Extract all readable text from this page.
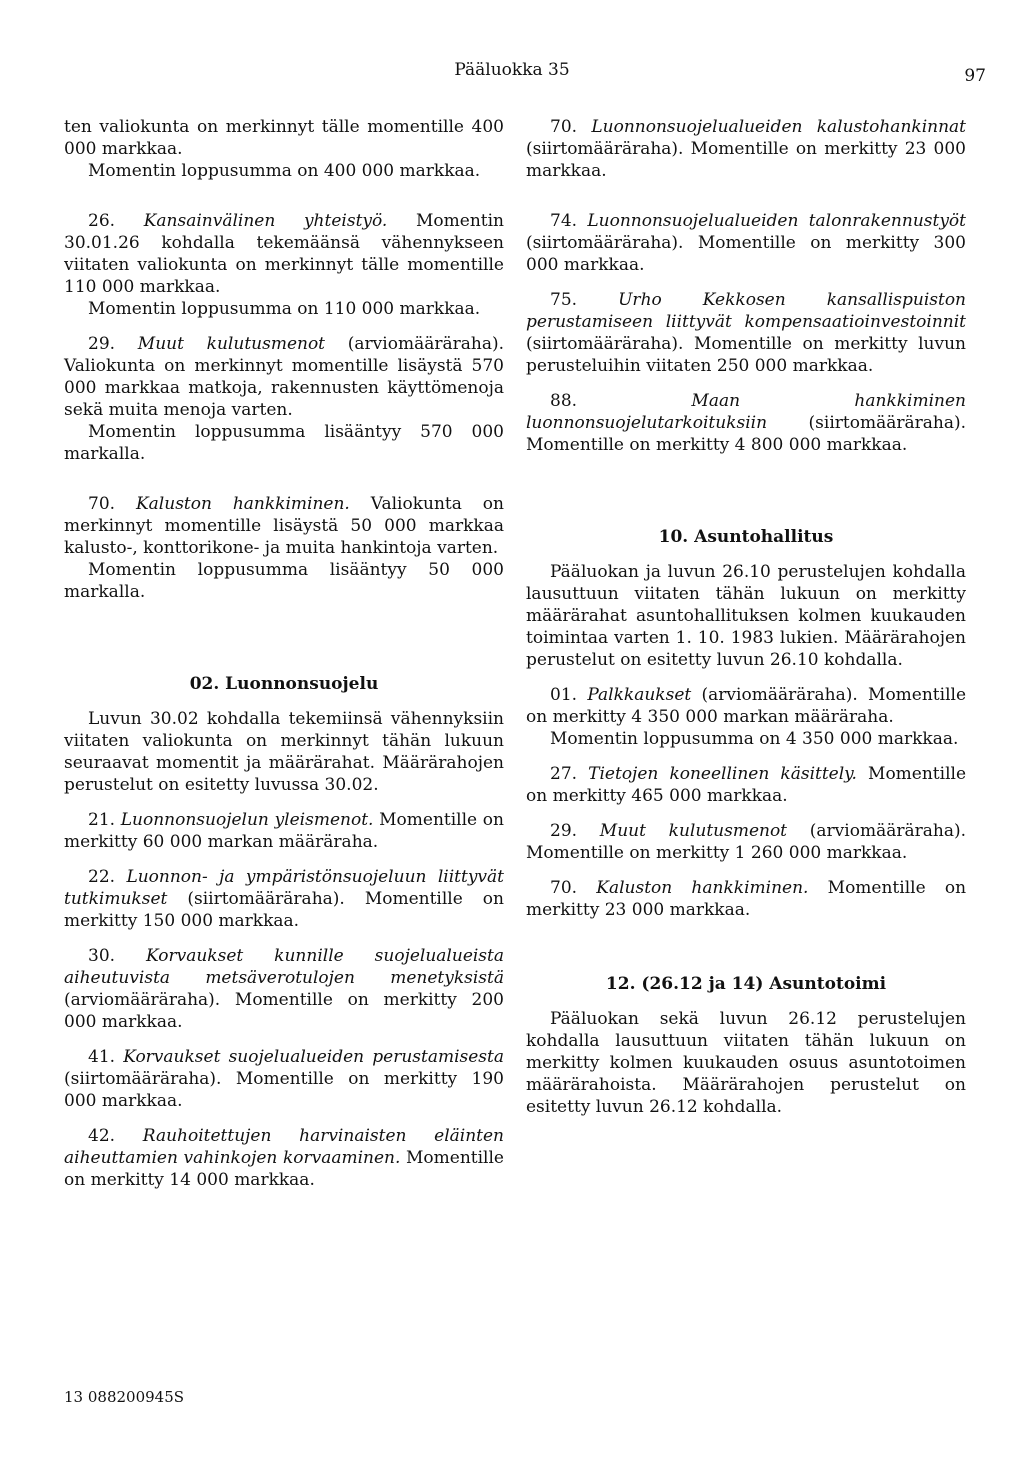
Pääluokka 35	97

ten valiokunta on merkinnyt tälle momentille 400 000 markkaa.

Momentin loppusumma on 400 000 markkaa.

26. Kansainvälinen yhteistyö. Momentin 30.01.26 kohdalla tekemäänsä vähennykseen viitaten valiokunta on merkinnyt tälle momentille 110 000 markkaa.

Momentin loppusumma on 110 000 markkaa.

29. Muut kulutusmenot (arviomääräraha). Valiokunta on merkinnyt momentille lisäystä 570 000 markkaa matkoja, rakennusten käyttömenoja sekä muita menoja varten.

Momentin loppusumma lisääntyy 570 000 markalla.

70. Kaluston hankkiminen. Valiokunta on merkinnyt momentille lisäystä 50 000 markkaa kalusto-, konttorikone- ja muita hankintoja varten.

Momentin loppusumma lisääntyy 50 000 markalla.

02. Luonnonsuojelu

Luvun 30.02 kohdalla tekemiinsä vähennyksiin viitaten valiokunta on merkinnyt tähän lukuun seuraavat momentit ja määrärahat. Määrärahojen perustelut on esitetty luvussa 30.02.

21. Luonnonsuojelun yleismenot. Momentille on merkitty 60 000 markan määräraha.

22. Luonnon- ja ympäristönsuojeluun liittyvät tutkimukset (siirtomääräraha). Momentille on merkitty 150 000 markkaa.

30. Korvaukset kunnille suojelualueista aiheutuvista metsäverotulojen menetyksistä (arviomääräraha). Momentille on merkitty 200 000 markkaa.

41. Korvaukset suojelualueiden perustamisesta (siirtomääräraha). Momentille on merkitty 190 000 markkaa.

42. Rauhoitettujen harvinaisten eläinten aiheuttamien vahinkojen korvaaminen. Momentille on merkitty 14 000 markkaa.

70. Luonnonsuojelualueiden kalustohankinnat (siirtomääräraha). Momentille on merkitty 23 000 markkaa.

74. Luonnonsuojelualueiden talonrakennustyöt (siirtomääräraha). Momentille on merkitty 300 000 markkaa.

75. Urho Kekkosen kansallispuiston perustamiseen liittyvät kompensaatioinvestoinnit (siirtomääräraha). Momentille on merkitty luvun perusteluihin viitaten 250 000 markkaa.

88.	Maan hankkiminen luonnonsuojelutarkoituksiin (siirtomääräraha). Momentille on merkitty 4 800 000 markkaa.

10. Asuntohallitus

Pääluokan ja luvun 26.10 perustelujen kohdalla lausuttuun viitaten tähän lukuun on merkitty määrärahat asuntohallituksen kolmen kuukauden toimintaa varten 1. 10. 1983 lukien. Määrärahojen perustelut on esitetty luvun 26.10 kohdalla.

01. Palkkaukset (arviomääräraha). Momentille on merkitty 4 350 000 markan määräraha.

Momentin loppusumma on 4 350 000 markkaa.

27. Tietojen koneellinen käsittely. Momentille on merkitty 465 000 markkaa.

29. Muut kulutusmenot (arviomääräraha). Momentille on merkitty 1 260 000 markkaa.

70. Kaluston hankkiminen. Momentille on merkitty 23 000 markkaa.

12. (26.12 ja 14) Asuntotoimi

Pääluokan sekä luvun 26.12 perustelujen kohdalla lausuttuun viitaten tähän lukuun on merkitty kolmen kuukauden osuus asuntotoimen määrärahoista. Määrärahojen perustelut on esitetty luvun 26.12 kohdalla.

13 088200945S
